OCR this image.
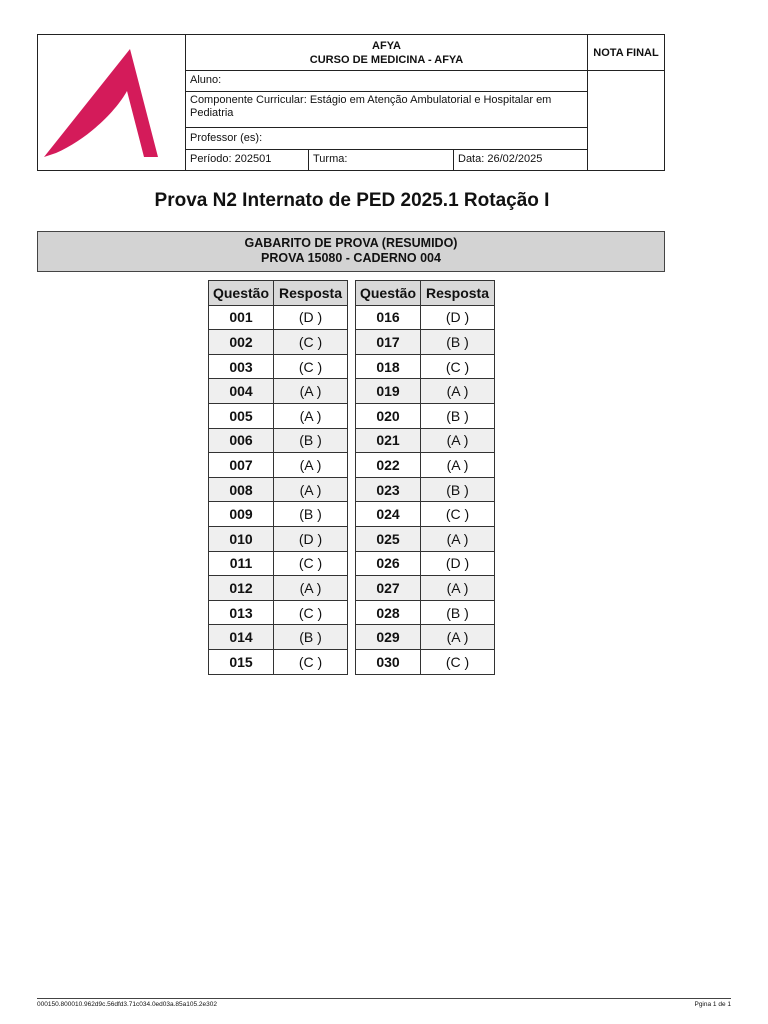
AFYA
CURSO DE MEDICINA - AFYA
Aluno:
Componente Curricular: Estágio em Atenção Ambulatorial e Hospitalar em Pediatria
Professor (es):
Período: 202501	Turma:	Data: 26/02/2025
NOTA FINAL
Prova N2 Internato de PED 2025.1 Rotação I
GABARITO DE PROVA (RESUMIDO)
PROVA 15080 - CADERNO 004
Questão	Resposta
001	(D )
002	(C )
003	(C )
004	(A )
005	(A )
006	(B )
007	(A )
008	(A )
009	(B )
010	(D )
011	(C )
012	(A )
013	(C )
014	(B )
015	(C )
Questão	Resposta
016	(D )
017	(B )
018	(C )
019	(A )
020	(B )
021	(A )
022	(A )
023	(B )
024	(C )
025	(A )
026	(D )
027	(A )
028	(B )
029	(A )
030	(C )
000150.800010.962d9c.56dfd3.71c034.0ed03a.85a105.2e302	Pgina 1 de 1
